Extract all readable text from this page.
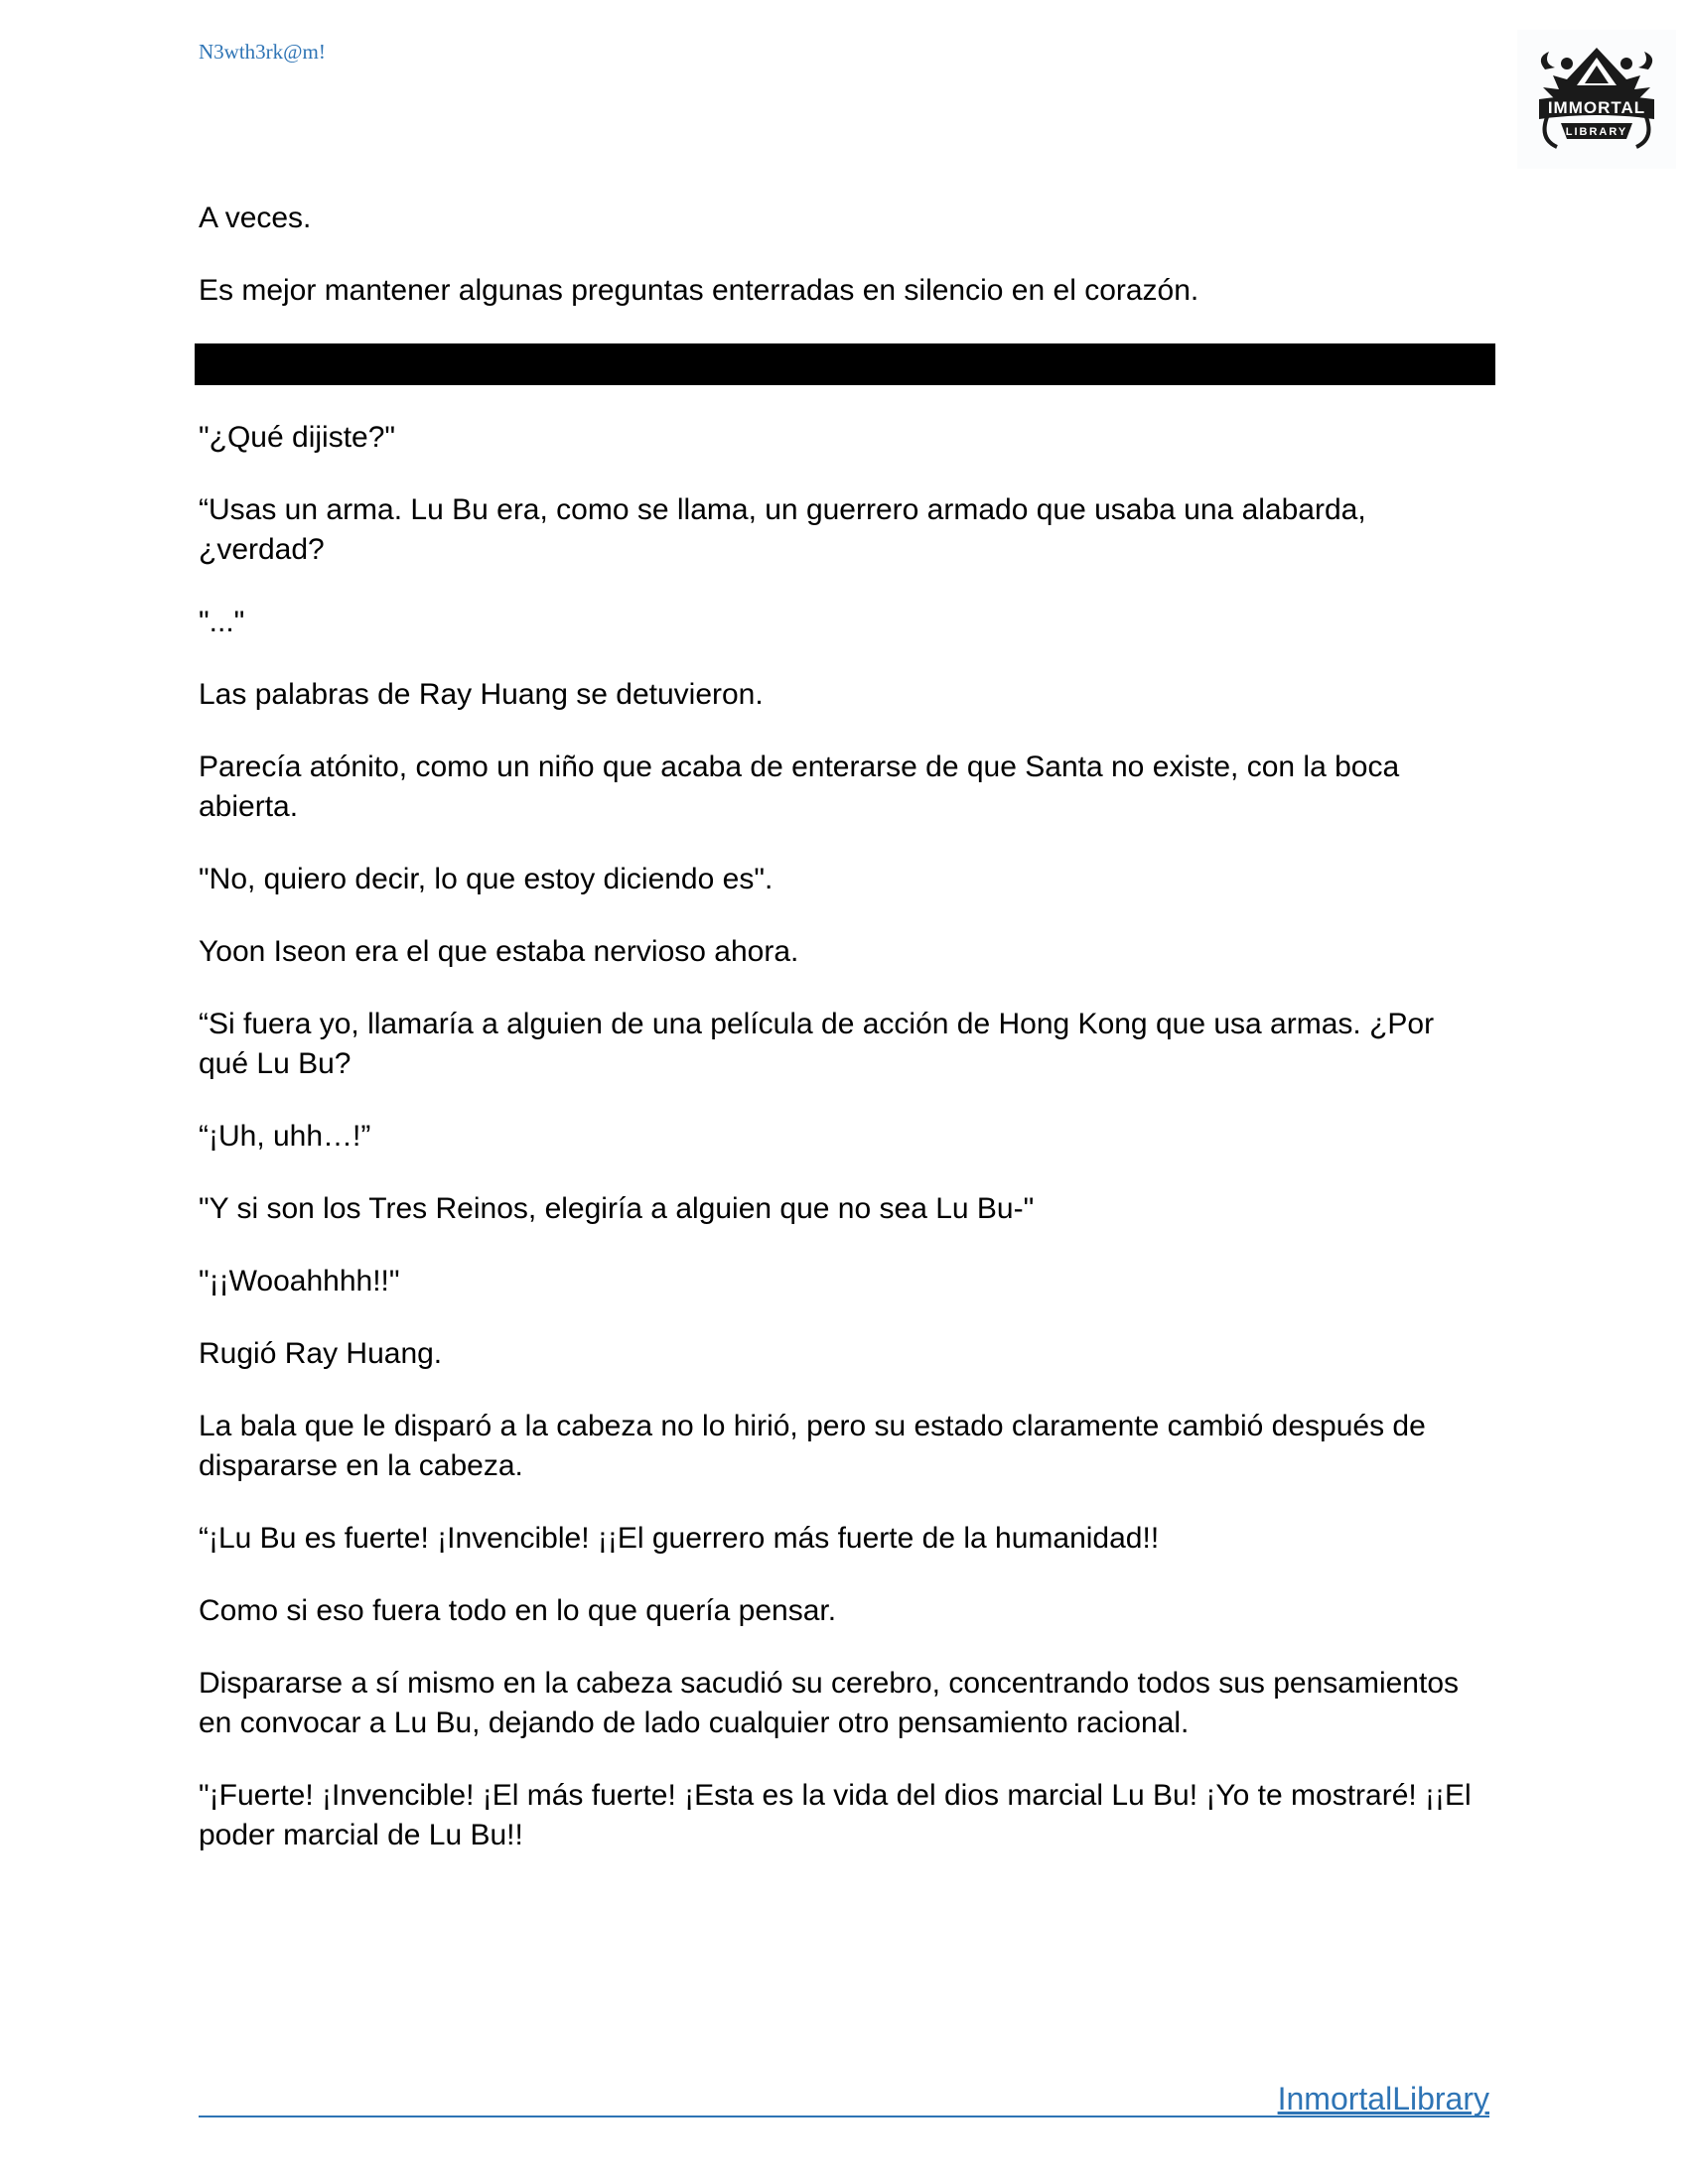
N3wth3rk@m!
IMMORTAL
LIBRARY

A veces.

Es mejor mantener algunas preguntas enterradas en silencio en el corazón.

"¿Qué dijiste?"

“Usas un arma. Lu Bu era, como se llama, un guerrero armado que usaba una alabarda, ¿verdad?

"..."

Las palabras de Ray Huang se detuvieron.

Parecía atónito, como un niño que acaba de enterarse de que Santa no existe, con la boca abierta.

"No, quiero decir, lo que estoy diciendo es".

Yoon Iseon era el que estaba nervioso ahora.

“Si fuera yo, llamaría a alguien de una película de acción de Hong Kong que usa armas. ¿Por qué Lu Bu?

“¡Uh, uhh…!”

"Y si son los Tres Reinos, elegiría a alguien que no sea Lu Bu-"

"¡¡Wooahhhh!!"

Rugió Ray Huang.

La bala que le disparó a la cabeza no lo hirió, pero su estado claramente cambió después de dispararse en la cabeza.

“¡Lu Bu es fuerte! ¡Invencible! ¡¡El guerrero más fuerte de la humanidad!!

Como si eso fuera todo en lo que quería pensar.

Dispararse a sí mismo en la cabeza sacudió su cerebro, concentrando todos sus pensamientos en convocar a Lu Bu, dejando de lado cualquier otro pensamiento racional.

"¡Fuerte! ¡Invencible! ¡El más fuerte! ¡Esta es la vida del dios marcial Lu Bu! ¡Yo te mostraré! ¡¡El poder marcial de Lu Bu!!

InmortalLibrary
